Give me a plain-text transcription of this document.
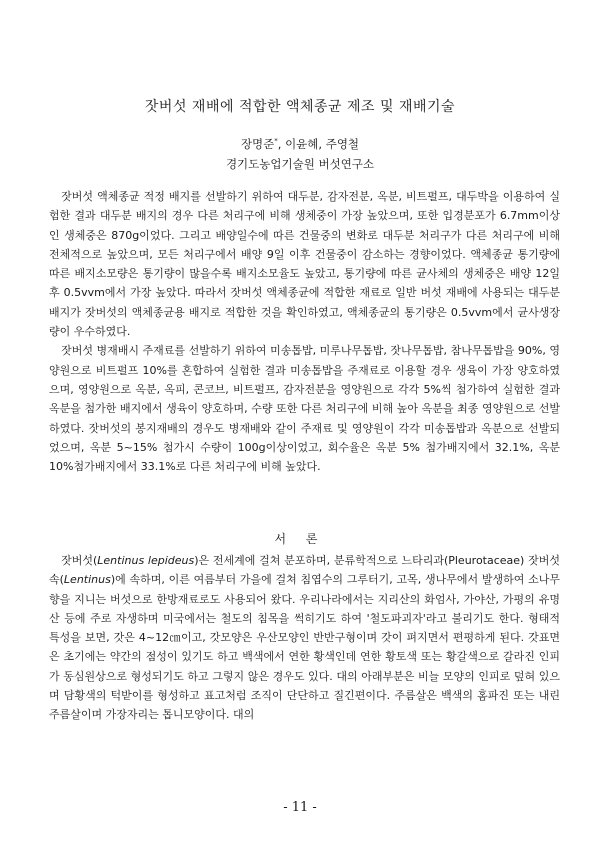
잣버섯 재배에 적합한 액체종균 제조 및 재배기술
장명준*, 이윤혜, 주영철
경기도농업기술원 버섯연구소

잣버섯 액체종균 적정 배지를 선발하기 위하여 대두분, 감자전분, 옥분, 비트펄프, 대두박을 이용하여 실험한 결과 대두분 배지의 경우 다른 처리구에 비해 생체중이 가장 높았으며, 또한 입경분포가 6.7mm이상인 생체중은 870g이었다. 그리고 배양일수에 따른 건물중의 변화로 대두분 처리구가 다른 처리구에 비해 전체적으로 높았으며, 모든 처리구에서 배양 9일 이후 건물중이 감소하는 경향이었다. 액체종균 통기량에 따른 배지소모량은 통기량이 많을수록 배지소모율도 높았고, 통기량에 따른 균사체의 생체중은 배양 12일 후 0.5vvm에서 가장 높았다. 따라서 잣버섯 액체종균에 적합한 재료로 일반 버섯 재배에 사용되는 대두분 배지가 잣버섯의 액체종균용 배지로 적합한 것을 확인하였고, 액체종균의 통기량은 0.5vvm에서 균사생장량이 우수하였다.

잣버섯 병재배시 주재료를 선발하기 위하여 미송톱밥, 미루나무톱밥, 잣나무톱밥, 참나무톱밥을 90%, 영양원으로 비트펄프 10%를 혼합하여 실험한 결과 미송톱밥을 주재료로 이용할 경우 생육이 가장 양호하였으며, 영양원으로 옥분, 옥피, 콘코브, 비트펄프, 감자전분을 영양원으로 각각 5%씩 첨가하여 실험한 결과 옥분을 첨가한 배지에서 생육이 양호하며, 수량 또한 다른 처리구에 비해 높아 옥분을 최종 영양원으로 선발하였다. 잣버섯의 봉지재배의 경우도 병재배와 같이 주재료 및 영양원이 각각 미송톱밥과 옥분으로 선발되었으며, 옥분 5~15% 첨가시 수량이 100g이상이었고, 회수율은 옥분 5% 첨가배지에서 32.1%, 옥분 10%첨가배지에서 33.1%로 다른 처리구에 비해 높았다.

서 론

잣버섯(Lentinus lepideus)은 전세계에 걸쳐 분포하며, 분류학적으로 느타리과(Pleurotaceae) 잣버섯속(Lentinus)에 속하며, 이른 여름부터 가을에 걸쳐 침엽수의 그루터기, 고목, 생나무에서 발생하여 소나무향을 지니는 버섯으로 한방재료로도 사용되어 왔다. 우리나라에서는 지리산의 화엄사, 가야산, 가평의 유명산 등에 주로 자생하며 미국에서는 철도의 침목을 썩히기도 하여 '철도파괴자'라고 불리기도 한다. 형태적 특성을 보면, 갓은 4~12㎝이고, 갓모양은 우산모양인 반반구형이며 갓이 펴지면서 편평하게 된다. 갓표면은 초기에는 약간의 점성이 있기도 하고 백색에서 연한 황색인데 연한 황토색 또는 황갈색으로 갈라진 인피가 동심원상으로 형성되기도 하고 그렇지 않은 경우도 있다. 대의 아래부분은 비늘 모양의 인피로 덮혀 있으며 담황색의 턱받이를 형성하고 표고처럼 조직이 단단하고 질긴편이다. 주름살은 백색의 홈파진 또는 내린 주름살이며 가장자리는 톱니모양이다. 대의

- 11 -
